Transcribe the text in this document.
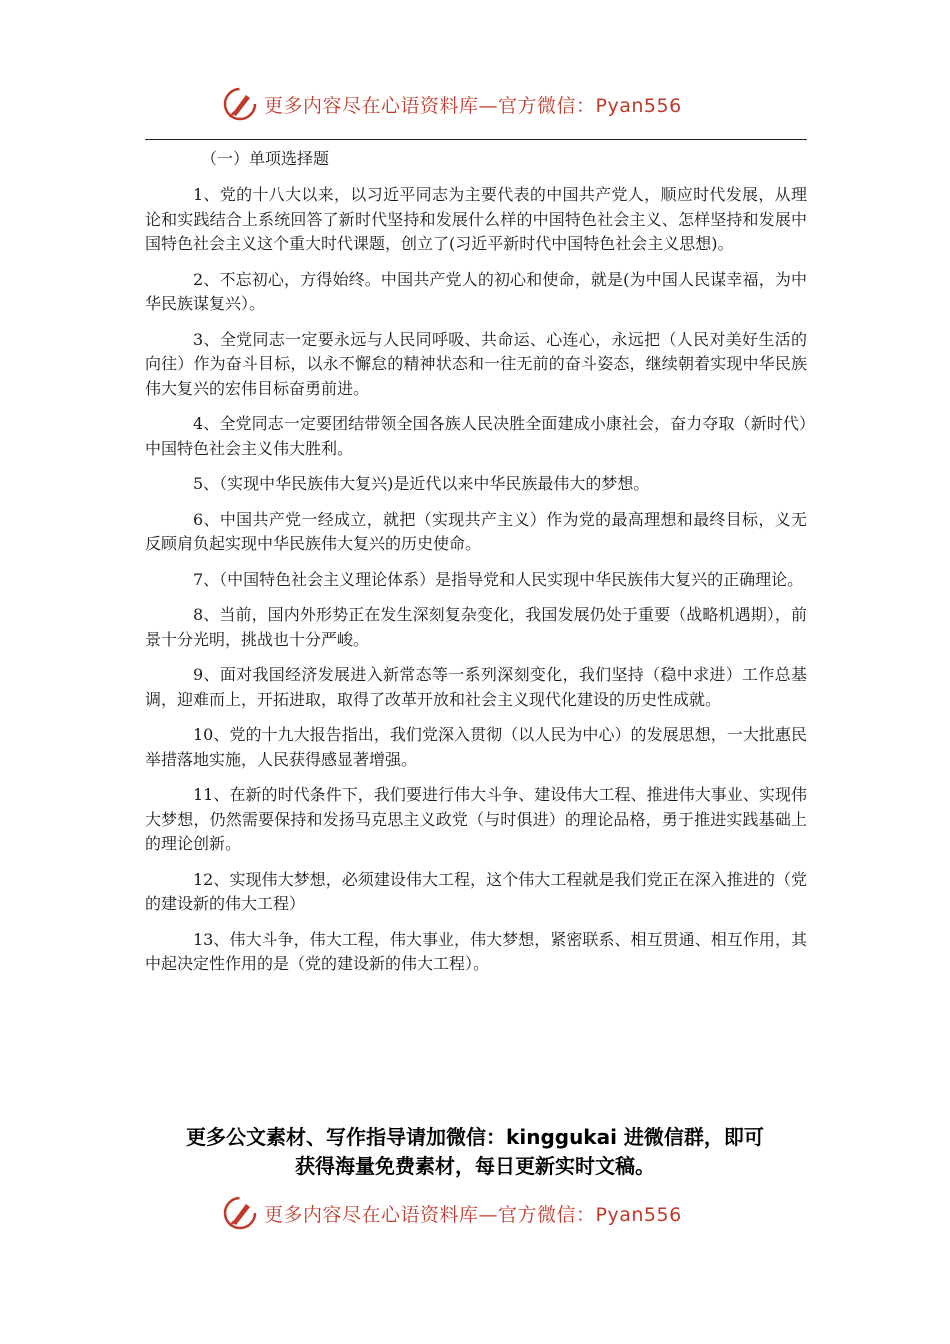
更多内容尽在心语资料库—官方微信：Pyan556

（一）单项选择题

1、党的十八大以来，以习近平同志为主要代表的中国共产党人，顺应时代发展，从理论和实践结合上系统回答了新时代坚持和发展什么样的中国特色社会主义、怎样坚持和发展中国特色社会主义这个重大时代课题，创立了(习近平新时代中国特色社会主义思想)。

2、不忘初心，方得始终。中国共产党人的初心和使命，就是(为中国人民谋幸福，为中华民族谋复兴）。

3、全党同志一定要永远与人民同呼吸、共命运、心连心，永远把（人民对美好生活的向往）作为奋斗目标，以永不懈怠的精神状态和一往无前的奋斗姿态，继续朝着实现中华民族伟大复兴的宏伟目标奋勇前进。

4、全党同志一定要团结带领全国各族人民决胜全面建成小康社会，奋力夺取（新时代）中国特色社会主义伟大胜利。

5、（实现中华民族伟大复兴)是近代以来中华民族最伟大的梦想。

6、中国共产党一经成立，就把（实现共产主义）作为党的最高理想和最终目标，义无反顾肩负起实现中华民族伟大复兴的历史使命。

7、（中国特色社会主义理论体系）是指导党和人民实现中华民族伟大复兴的正确理论。

8、当前，国内外形势正在发生深刻复杂变化，我国发展仍处于重要（战略机遇期），前景十分光明，挑战也十分严峻。

9、面对我国经济发展进入新常态等一系列深刻变化，我们坚持（稳中求进）工作总基调，迎难而上，开拓进取，取得了改革开放和社会主义现代化建设的历史性成就。

10、党的十九大报告指出，我们党深入贯彻（以人民为中心）的发展思想，一大批惠民举措落地实施，人民获得感显著增强。

11、在新的时代条件下，我们要进行伟大斗争、建设伟大工程、推进伟大事业、实现伟大梦想，仍然需要保持和发扬马克思主义政党（与时俱进）的理论品格，勇于推进实践基础上的理论创新。

12、实现伟大梦想，必须建设伟大工程，这个伟大工程就是我们党正在深入推进的（党的建设新的伟大工程）

13、伟大斗争，伟大工程，伟大事业，伟大梦想，紧密联系、相互贯通、相互作用，其中起决定性作用的是（党的建设新的伟大工程）。

更多公文素材、写作指导请加微信：kinggukai 进微信群，即可
获得海量免费素材，每日更新实时文稿。
更多内容尽在心语资料库—官方微信：Pyan556
